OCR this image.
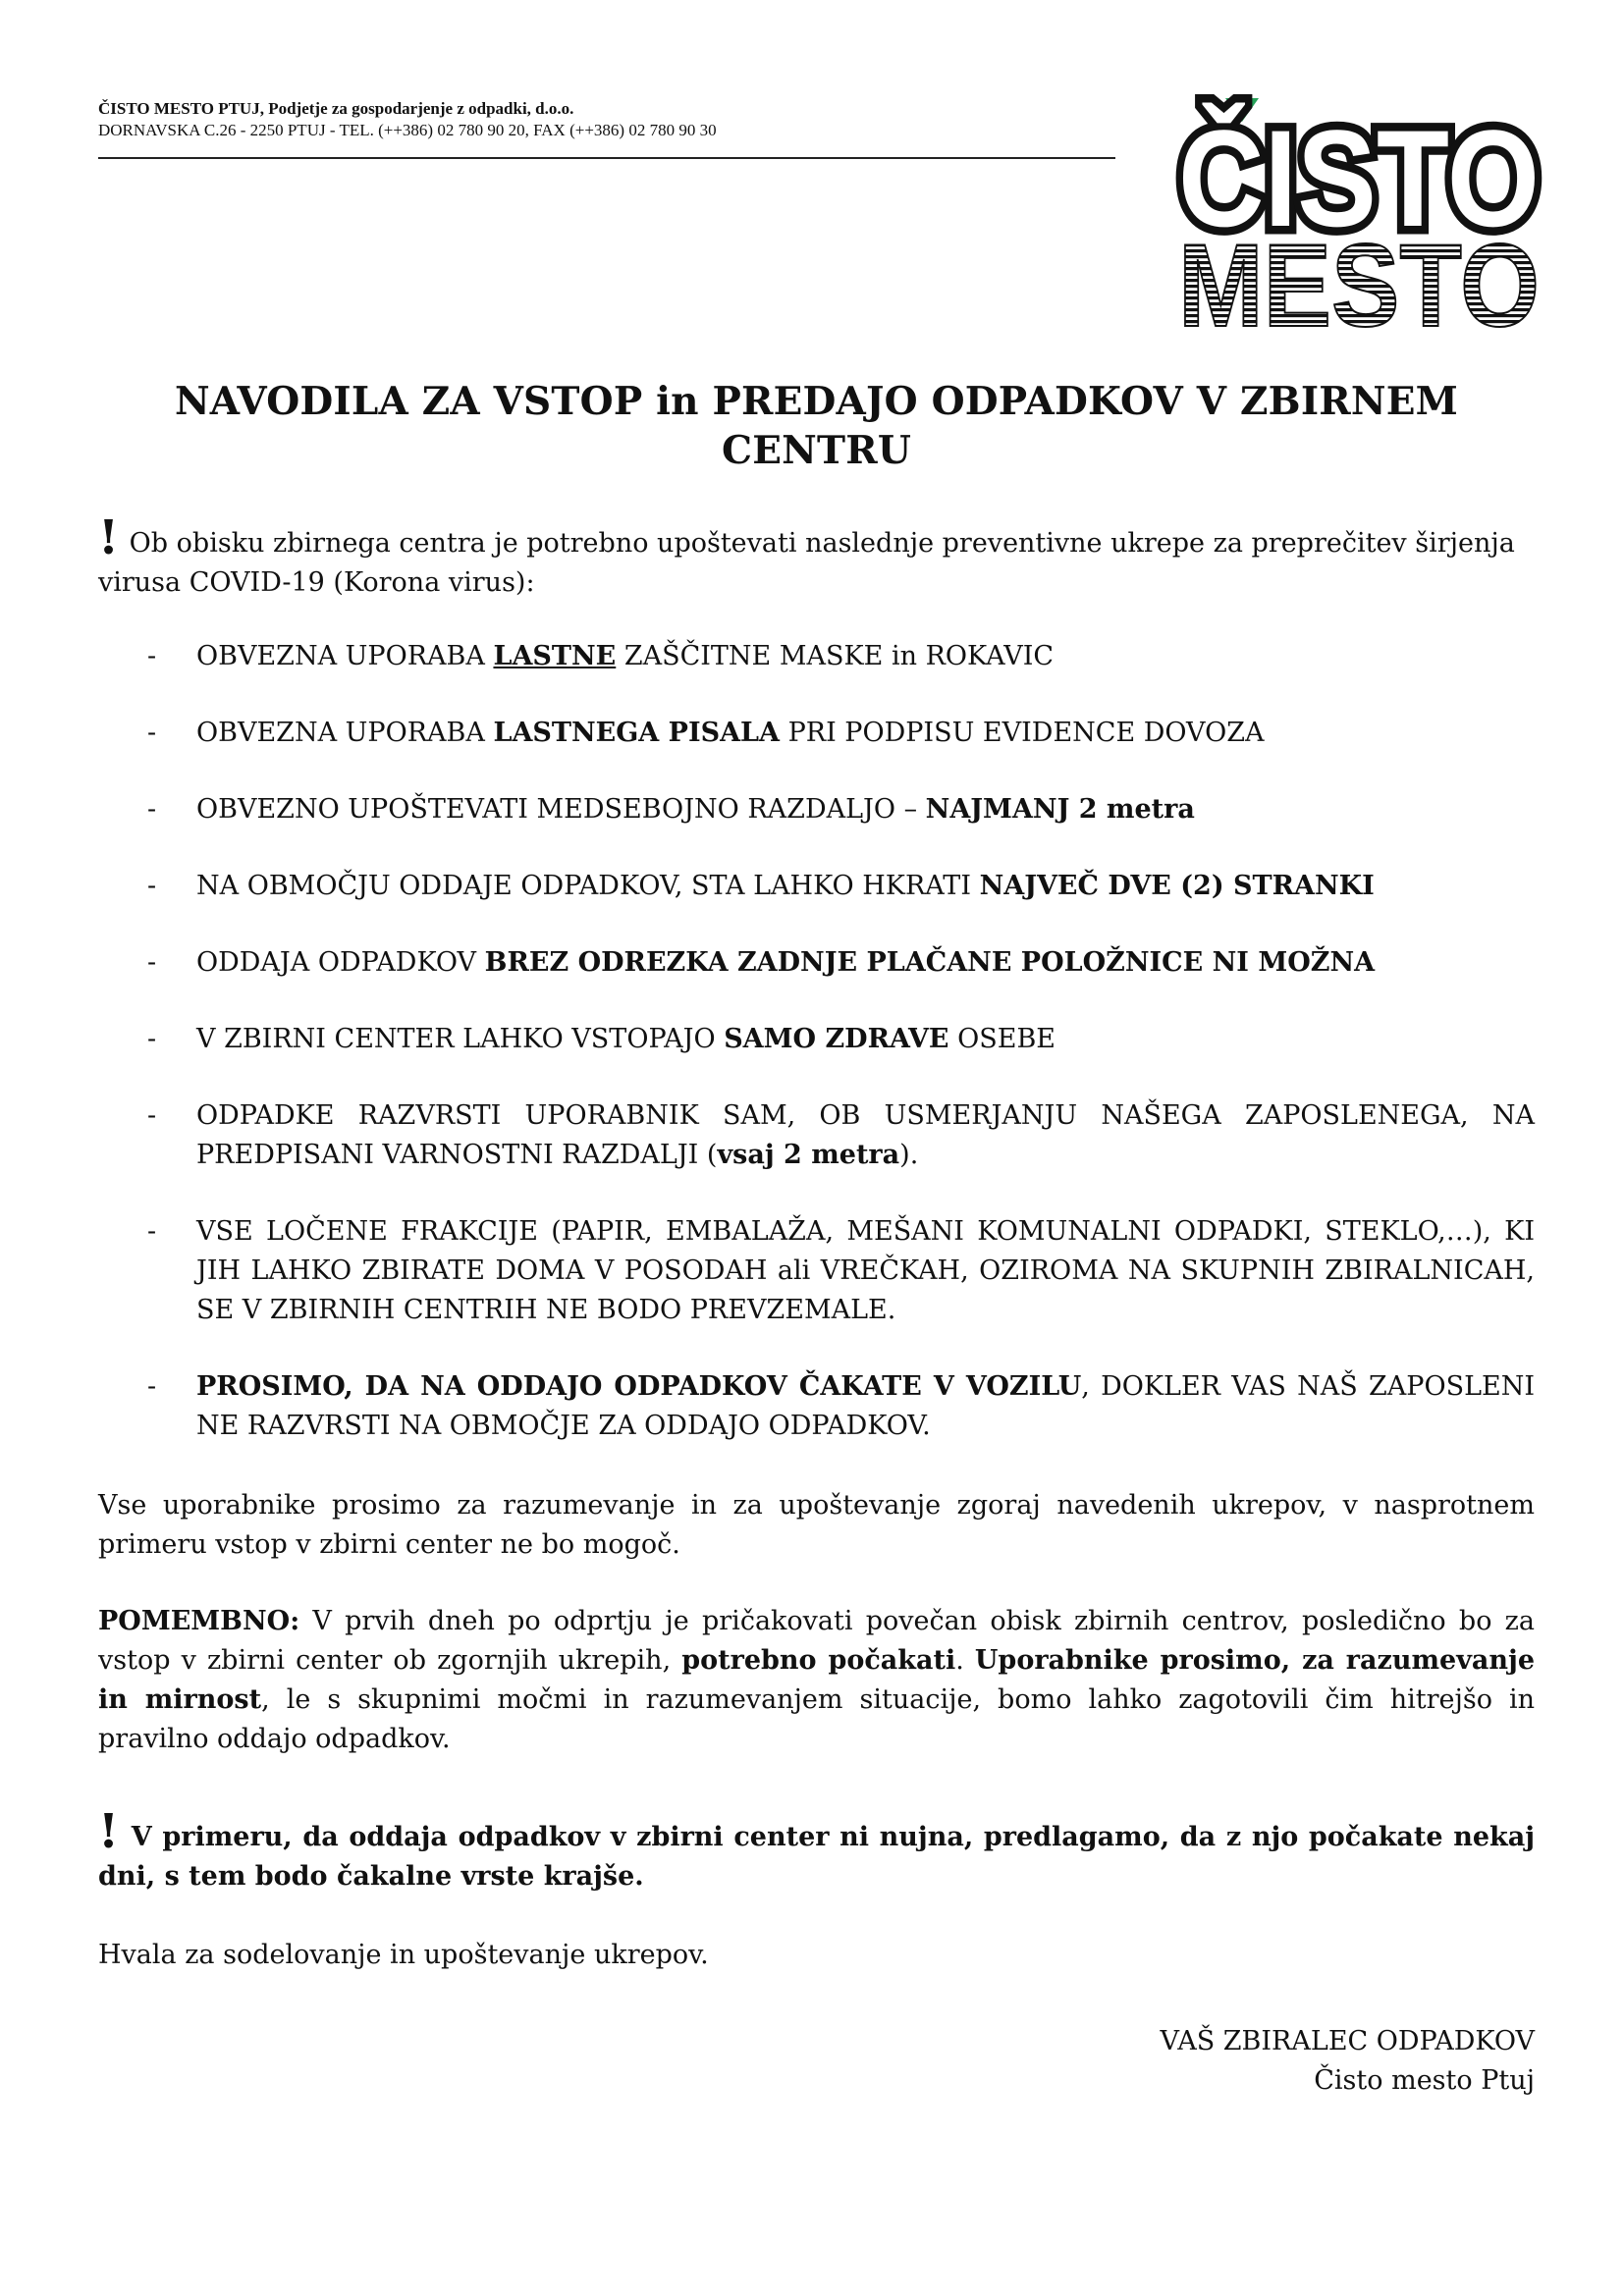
ČISTO MESTO PTUJ, Podjetje za gospodarjenje z odpadki, d.o.o.
DORNAVSKA C.26 - 2250 PTUJ - TEL. (++386) 02 780 90 20, FAX (++386) 02 780 90 30	ČISTO
MESTO
NAVODILA ZA VSTOP in PREDAJO ODPADKOV V ZBIRNEM CENTRU
! Ob obisku zbirnega centra je potrebno upoštevati naslednje preventivne ukrepe za preprečitev širjenja virusa COVID-19 (Korona virus):
-	OBVEZNA UPORABA LASTNE ZAŠČITNE MASKE in ROKAVIC
-	OBVEZNA UPORABA LASTNEGA PISALA PRI PODPISU EVIDENCE DOVOZA
-	OBVEZNO UPOŠTEVATI MEDSEBOJNO RAZDALJO – NAJMANJ 2 metra
-	NA OBMOČJU ODDAJE ODPADKOV, STA LAHKO HKRATI NAJVEČ DVE (2) STRANKI
-	ODDAJA ODPADKOV BREZ ODREZKA ZADNJE PLAČANE POLOŽNICE NI MOŽNA
-	V ZBIRNI CENTER LAHKO VSTOPAJO SAMO ZDRAVE OSEBE
-	ODPADKE RAZVRSTI UPORABNIK SAM, OB USMERJANJU NAŠEGA ZAPOSLENEGA, NA PREDPISANI VARNOSTNI RAZDALJI (vsaj 2 metra).
-	VSE LOČENE FRAKCIJE (PAPIR, EMBALAŽA, MEŠANI KOMUNALNI ODPADKI, STEKLO,…), KI JIH LAHKO ZBIRATE DOMA V POSODAH ali VREČKAH, OZIROMA NA SKUPNIH ZBIRALNICAH, SE V ZBIRNIH CENTRIH NE BODO PREVZEMALE.
-	PROSIMO, DA NA ODDAJO ODPADKOV ČAKATE V VOZILU, DOKLER VAS NAŠ ZAPOSLENI NE RAZVRSTI NA OBMOČJE ZA ODDAJO ODPADKOV.
Vse uporabnike prosimo za razumevanje in za upoštevanje zgoraj navedenih ukrepov, v nasprotnem primeru vstop v zbirni center ne bo mogoč.
POMEMBNO: V prvih dneh po odprtju je pričakovati povečan obisk zbirnih centrov, posledično bo za vstop v zbirni center ob zgornjih ukrepih, potrebno počakati. Uporabnike prosimo, za razumevanje in mirnost, le s skupnimi močmi in razumevanjem situacije, bomo lahko zagotovili čim hitrejšo in pravilno oddajo odpadkov.
! V primeru, da oddaja odpadkov v zbirni center ni nujna, predlagamo, da z njo počakate nekaj dni, s tem bodo čakalne vrste krajše.
Hvala za sodelovanje in upoštevanje ukrepov.
VAŠ ZBIRALEC ODPADKOV
Čisto mesto Ptuj
